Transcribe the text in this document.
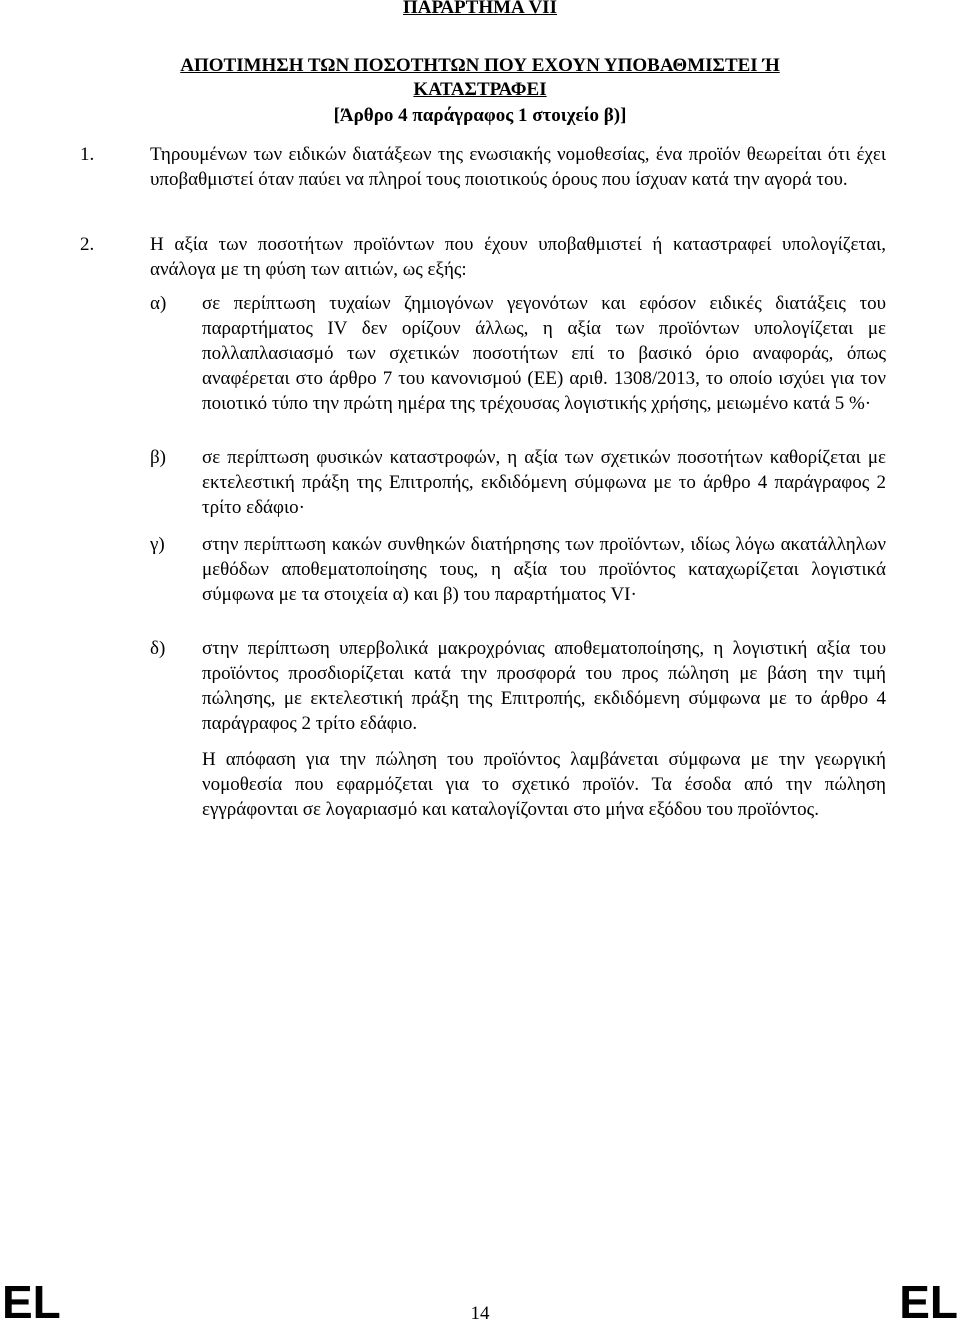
ΠΑΡΑΡΤΗΜΑ VII
ΑΠΟΤΙΜΗΣΗ ΤΩΝ ΠΟΣΟΤΗΤΩΝ ΠΟΥ ΕΧΟΥΝ ΥΠΟΒΑΘΜΙΣΤΕΙ Ή ΚΑΤΑΣΤΡΑΦΕΙ
[Άρθρο 4 παράγραφος 1 στοιχείο β)]
1.	Τηρουμένων των ειδικών διατάξεων της ενωσιακής νομοθεσίας, ένα προϊόν θεωρείται ότι έχει υποβαθμιστεί όταν παύει να πληροί τους ποιοτικούς όρους που ίσχυαν κατά την αγορά του.
2.	Η αξία των ποσοτήτων προϊόντων που έχουν υποβαθμιστεί ή καταστραφεί υπολογίζεται, ανάλογα με τη φύση των αιτιών, ως εξής:
α) σε περίπτωση τυχαίων ζημιογόνων γεγονότων και εφόσον ειδικές διατάξεις του παραρτήματος IV δεν ορίζουν άλλως, η αξία των προϊόντων υπολογίζεται με πολλαπλασιασμό των σχετικών ποσοτήτων επί το βασικό όριο αναφοράς, όπως αναφέρεται στο άρθρο 7 του κανονισμού (ΕΕ) αριθ. 1308/2013, το οποίο ισχύει για τον ποιοτικό τύπο την πρώτη ημέρα της τρέχουσας λογιστικής χρήσης, μειωμένο κατά 5 %·
β) σε περίπτωση φυσικών καταστροφών, η αξία των σχετικών ποσοτήτων καθορίζεται με εκτελεστική πράξη της Επιτροπής, εκδιδόμενη σύμφωνα με το άρθρο 4 παράγραφος 2 τρίτο εδάφιο·
γ) στην περίπτωση κακών συνθηκών διατήρησης των προϊόντων, ιδίως λόγω ακατάλληλων μεθόδων αποθεματοποίησης τους, η αξία του προϊόντος καταχωρίζεται λογιστικά σύμφωνα με τα στοιχεία α) και β) του παραρτήματος VI·
δ) στην περίπτωση υπερβολικά μακροχρόνιας αποθεματοποίησης, η λογιστική αξία του προϊόντος προσδιορίζεται κατά την προσφορά του προς πώληση με βάση την τιμή πώλησης, με εκτελεστική πράξη της Επιτροπής, εκδιδόμενη σύμφωνα με το άρθρο 4 παράγραφος 2 τρίτο εδάφιο.
Η απόφαση για την πώληση του προϊόντος λαμβάνεται σύμφωνα με την γεωργική νομοθεσία που εφαρμόζεται για το σχετικό προϊόν. Τα έσοδα από την πώληση εγγράφονται σε λογαριασμό και καταλογίζονται στο μήνα εξόδου του προϊόντος.
EL	14	EL
